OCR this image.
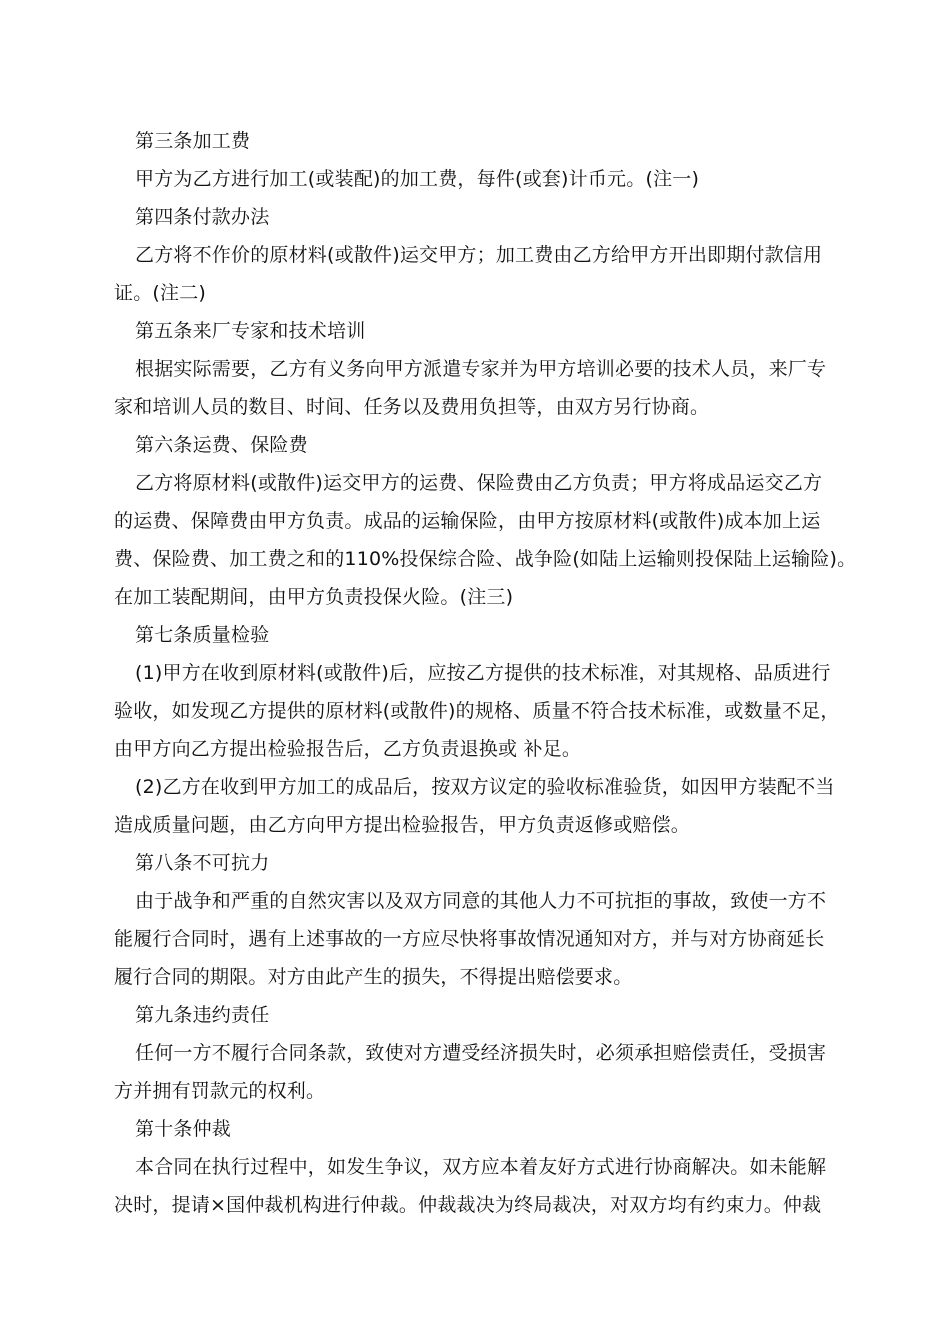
第三条加工费
甲方为乙方进行加工(或装配)的加工费，每件(或套)计币元。(注一)
第四条付款办法
乙方将不作价的原材料(或散件)运交甲方；加工费由乙方给甲方开出即期付款信用
证。(注二)
第五条来厂专家和技术培训
根据实际需要，乙方有义务向甲方派遣专家并为甲方培训必要的技术人员，来厂专
家和培训人员的数目、时间、任务以及费用负担等，由双方另行协商。
第六条运费、保险费
乙方将原材料(或散件)运交甲方的运费、保险费由乙方负责；甲方将成品运交乙方
的运费、保障费由甲方负责。成品的运输保险，由甲方按原材料(或散件)成本加上运
费、保险费、加工费之和的110%投保综合险、战争险(如陆上运输则投保陆上运输险)。
在加工装配期间，由甲方负责投保火险。(注三)
第七条质量检验
(1)甲方在收到原材料(或散件)后，应按乙方提供的技术标准，对其规格、品质进行
验收，如发现乙方提供的原材料(或散件)的规格、质量不符合技术标准，或数量不足，
由甲方向乙方提出检验报告后，乙方负责退换或 补足。
(2)乙方在收到甲方加工的成品后，按双方议定的验收标准验货，如因甲方装配不当
造成质量问题，由乙方向甲方提出检验报告，甲方负责返修或赔偿。
第八条不可抗力
由于战争和严重的自然灾害以及双方同意的其他人力不可抗拒的事故，致使一方不
能履行合同时，遇有上述事故的一方应尽快将事故情况通知对方，并与对方协商延长
履行合同的期限。对方由此产生的损失，不得提出赔偿要求。
第九条违约责任
任何一方不履行合同条款，致使对方遭受经济损失时，必须承担赔偿责任，受损害
方并拥有罚款元的权利。
第十条仲裁
本合同在执行过程中，如发生争议，双方应本着友好方式进行协商解决。如未能解
决时，提请×国仲裁机构进行仲裁。仲裁裁决为终局裁决，对双方均有约束力。仲裁
